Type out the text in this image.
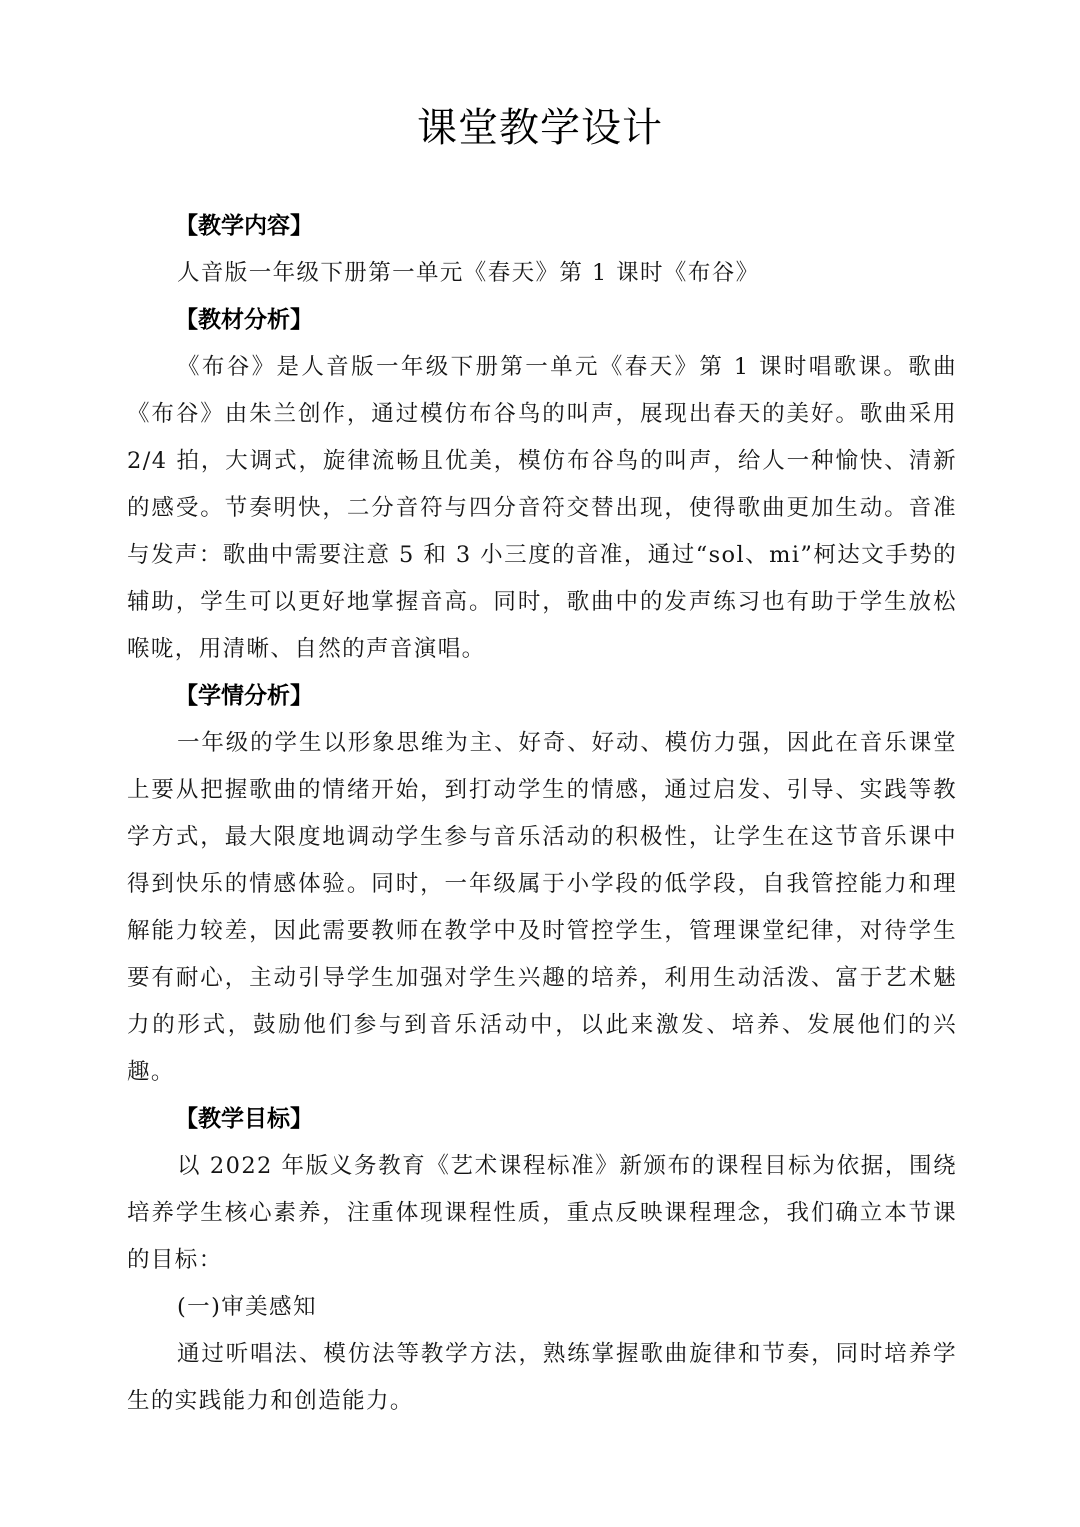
课堂教学设计
【教学内容】

人音版一年级下册第一单元《春天》第 1 课时《布谷》

【教材分析】

《布谷》是人音版一年级下册第一单元《春天》第 1 课时唱歌课。歌曲《布谷》由朱兰创作，通过模仿布谷鸟的叫声，展现出春天的美好。歌曲采用 2/4 拍，大调式，旋律流畅且优美，模仿布谷鸟的叫声，给人一种愉快、清新的感受。节奏明快，二分音符与四分音符交替出现，使得歌曲更加生动。音准与发声：歌曲中需要注意 5 和 3 小三度的音准，通过“sol、mi”柯达文手势的辅助，学生可以更好地掌握音高。同时，歌曲中的发声练习也有助于学生放松喉咙，用清晰、自然的声音演唱。

【学情分析】

一年级的学生以形象思维为主、好奇、好动、模仿力强，因此在音乐课堂上要从把握歌曲的情绪开始，到打动学生的情感，通过启发、引导、实践等教学方式，最大限度地调动学生参与音乐活动的积极性，让学生在这节音乐课中得到快乐的情感体验。同时，一年级属于小学段的低学段，自我管控能力和理解能力较差，因此需要教师在教学中及时管控学生，管理课堂纪律，对待学生要有耐心，主动引导学生加强对学生兴趣的培养，利用生动活泼、富于艺术魅力的形式，鼓励他们参与到音乐活动中，以此来激发、培养、发展他们的兴趣。

【教学目标】

以 2022 年版义务教育《艺术课程标准》新颁布的课程目标为依据，围绕培养学生核心素养，注重体现课程性质，重点反映课程理念，我们确立本节课的目标：

(一)审美感知

通过听唱法、模仿法等教学方法，熟练掌握歌曲旋律和节奏，同时培养学生的实践能力和创造能力。
